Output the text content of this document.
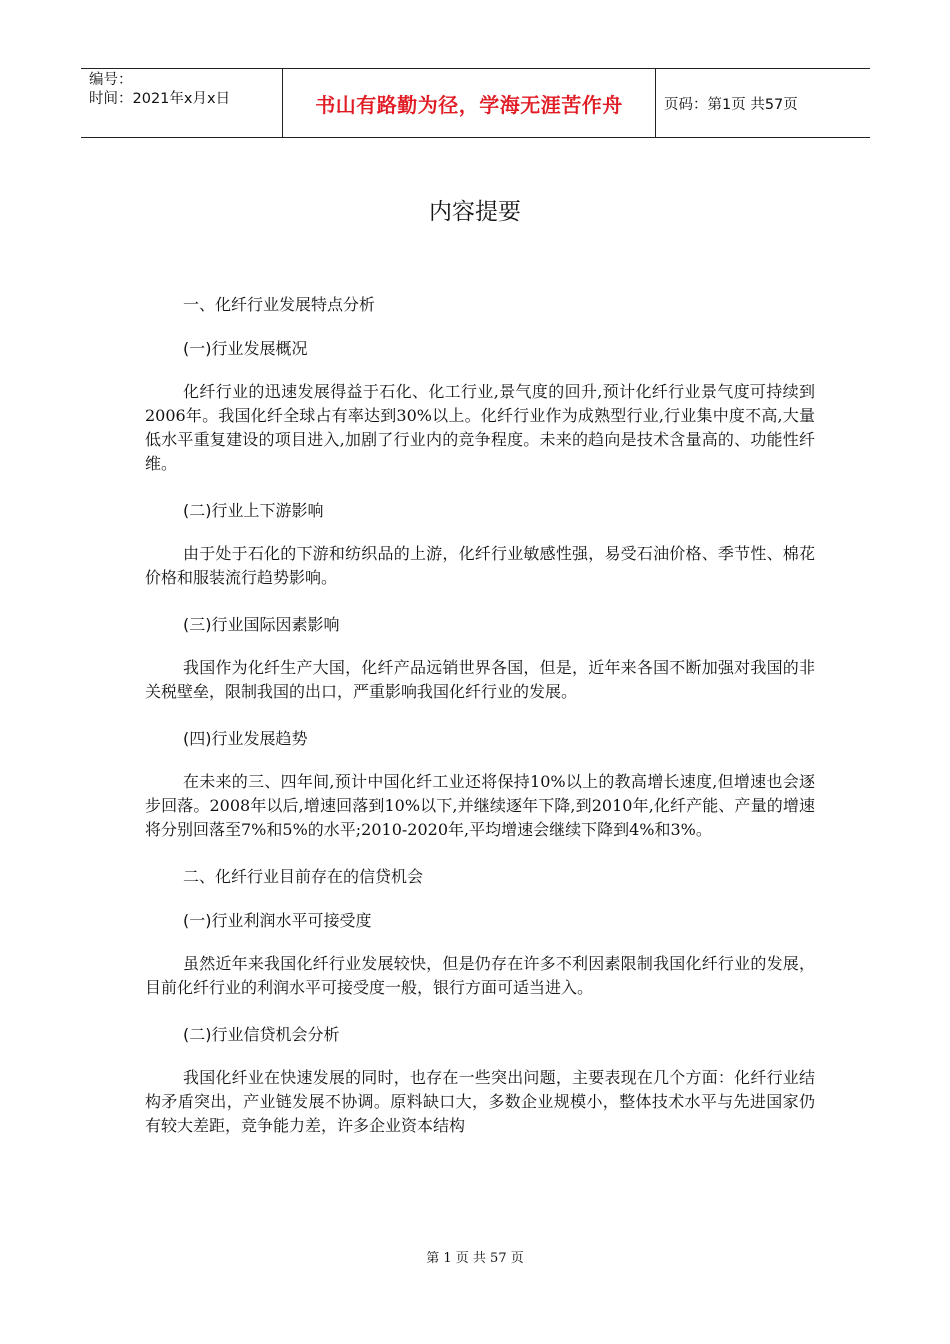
编号：
时间：2021年x月x日	书山有路勤为径，学海无涯苦作舟	页码：第1页 共57页
内容提要
一、化纤行业发展特点分析
(一)行业发展概况

化纤行业的迅速发展得益于石化、化工行业,景气度的回升,预计化纤行业景气度可持续到2006年。我国化纤全球占有率达到30%以上。化纤行业作为成熟型行业,行业集中度不高,大量低水平重复建设的项目进入,加剧了行业内的竞争程度。未来的趋向是技术含量高的、功能性纤维。

(二)行业上下游影响

由于处于石化的下游和纺织品的上游，化纤行业敏感性强，易受石油价格、季节性、棉花价格和服装流行趋势影响。

(三)行业国际因素影响

我国作为化纤生产大国，化纤产品远销世界各国，但是，近年来各国不断加强对我国的非关税壁垒，限制我国的出口，严重影响我国化纤行业的发展。

(四)行业发展趋势

在未来的三、四年间,预计中国化纤工业还将保持10%以上的教高增长速度,但增速也会逐步回落。2008年以后,增速回落到10%以下,并继续逐年下降,到2010年,化纤产能、产量的增速将分别回落至7%和5%的水平;2010-2020年,平均增速会继续下降到4%和3%。

二、化纤行业目前存在的信贷机会
(一)行业利润水平可接受度

虽然近年来我国化纤行业发展较快，但是仍存在许多不利因素限制我国化纤行业的发展，目前化纤行业的利润水平可接受度一般，银行方面可适当进入。

(二)行业信贷机会分析

我国化纤业在快速发展的同时，也存在一些突出问题，主要表现在几个方面：化纤行业结构矛盾突出，产业链发展不协调。原料缺口大，多数企业规模小，整体技术水平与先进国家仍有较大差距，竞争能力差，许多企业资本结构

第 1 页 共 57 页
